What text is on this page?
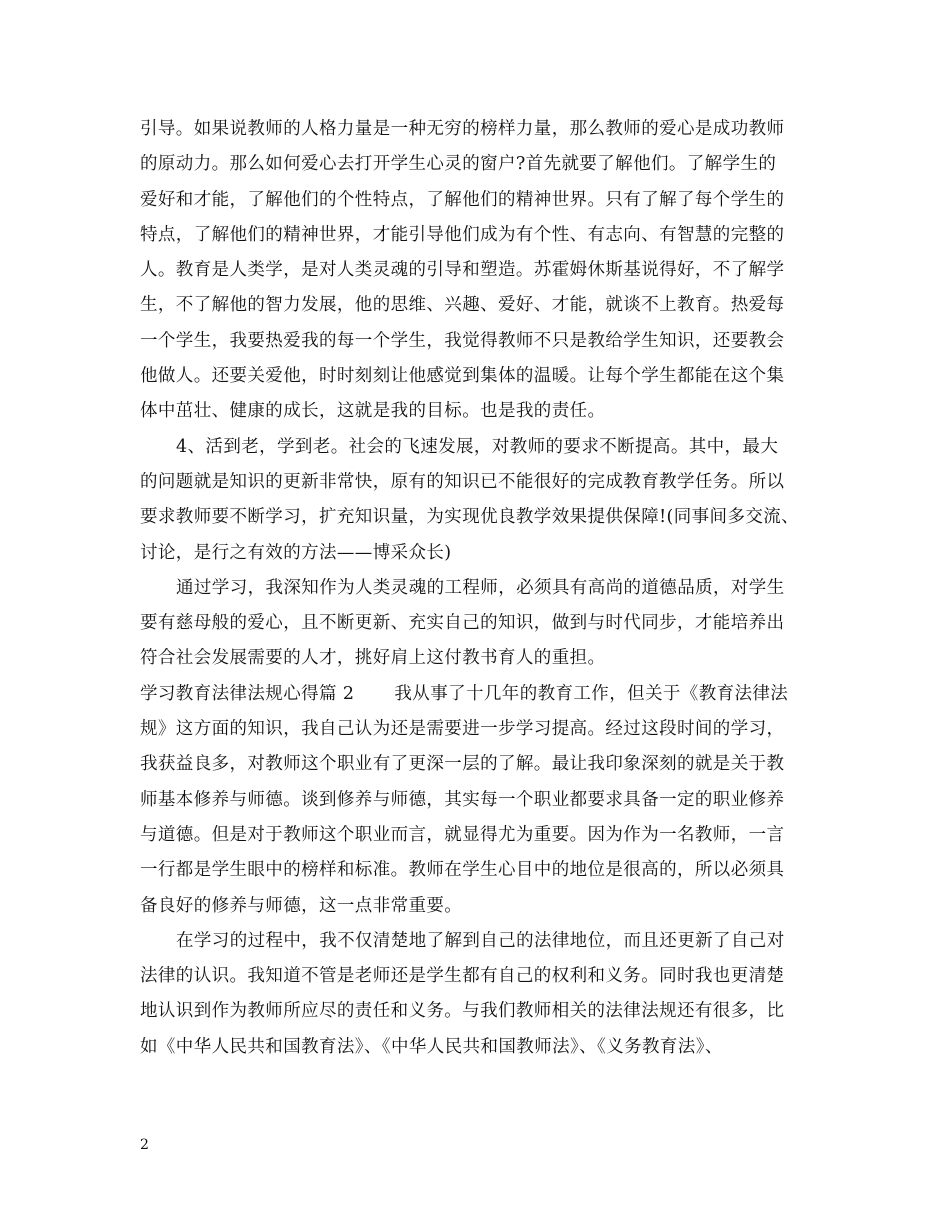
引导。如果说教师的人格力量是一种无穷的榜样力量，那么教师的爱心是成功教师
的原动力。那么如何爱心去打开学生心灵的窗户?首先就要了解他们。了解学生的
爱好和才能，了解他们的个性特点，了解他们的精神世界。只有了解了每个学生的
特点，了解他们的精神世界，才能引导他们成为有个性、有志向、有智慧的完整的
人。教育是人类学，是对人类灵魂的引导和塑造。苏霍姆休斯基说得好，不了解学
生，不了解他的智力发展，他的思维、兴趣、爱好、才能，就谈不上教育。热爱每
一个学生，我要热爱我的每一个学生，我觉得教师不只是教给学生知识，还要教会
他做人。还要关爱他，时时刻刻让他感觉到集体的温暖。让每个学生都能在这个集
体中茁壮、健康的成长，这就是我的目标。也是我的责任。
4、活到老，学到老。社会的飞速发展，对教师的要求不断提高。其中，最大
的问题就是知识的更新非常快，原有的知识已不能很好的完成教育教学任务。所以
要求教师要不断学习，扩充知识量，为实现优良教学效果提供保障!(同事间多交流、
讨论，是行之有效的方法——博采众长)
通过学习，我深知作为人类灵魂的工程师，必须具有高尚的道德品质，对学生
要有慈母般的爱心，且不断更新、充实自己的知识，做到与时代同步，才能培养出
符合社会发展需要的人才，挑好肩上这付教书育人的重担。
学习教育法律法规心得篇 2 我从事了十几年的教育工作，但关于《教育法律法
规》这方面的知识，我自己认为还是需要进一步学习提高。经过这段时间的学习，
我获益良多，对教师这个职业有了更深一层的了解。最让我印象深刻的就是关于教
师基本修养与师德。谈到修养与师德，其实每一个职业都要求具备一定的职业修养
与道德。但是对于教师这个职业而言，就显得尤为重要。因为作为一名教师，一言
一行都是学生眼中的榜样和标准。教师在学生心目中的地位是很高的，所以必须具
备良好的修养与师德，这一点非常重要。
在学习的过程中，我不仅清楚地了解到自己的法律地位，而且还更新了自己对
法律的认识。我知道不管是老师还是学生都有自己的权利和义务。同时我也更清楚
地认识到作为教师所应尽的责任和义务。与我们教师相关的法律法规还有很多，比
如《中华人民共和国教育法》、《中华人民共和国教师法》、《义务教育法》、
2
